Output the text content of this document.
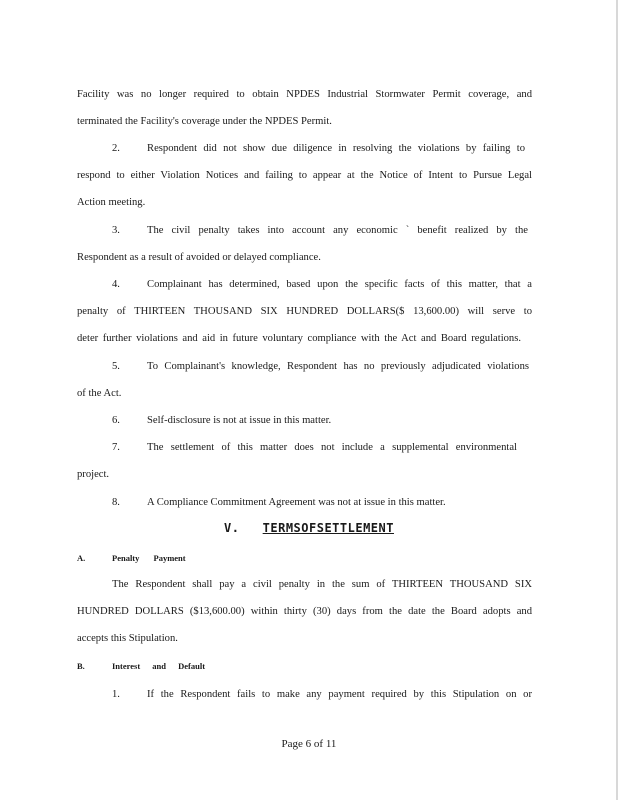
Facility was no longer required to obtain NPDES Industrial Stormwater Permit coverage, and
terminated the Facility's coverage under the NPDES Permit.
2.	Respondent did not show due diligence in resolving the violations by failing to
respond to either Violation Notices and failing to appear at the Notice of Intent to Pursue Legal
Action meeting.
3.	The civil penalty takes into account any economic ` benefit realized by the
Respondent as a result of avoided or delayed compliance.
4.	Complainant has determined, based upon the specific facts of this matter, that a
penalty of THIRTEEN THOUSAND SIX HUNDRED DOLLARS($ 13,600.00) will serve to
deter further violations and aid in future voluntary compliance with the Act and Board regulations.
5.	To Complainant's knowledge, Respondent has no previously adjudicated violations
of the Act.
6.	Self-disclosure is not at issue in this matter.
7.	The settlement of this matter does not include a supplemental environmental
project.
8.	A Compliance Commitment Agreement was not at issue in this matter.
V. TERMSOFSETTLEMENT
A.	Penalty Payment
The Respondent shall pay a civil penalty in the sum of THIRTEEN THOUSAND SIX
HUNDRED DOLLARS ($13,600.00) within thirty (30) days from the date the Board adopts and
accepts this Stipulation.
B.	Interest and Default
1.	If the Respondent fails to make any payment required by this Stipulation on or
Page 6 of 11
